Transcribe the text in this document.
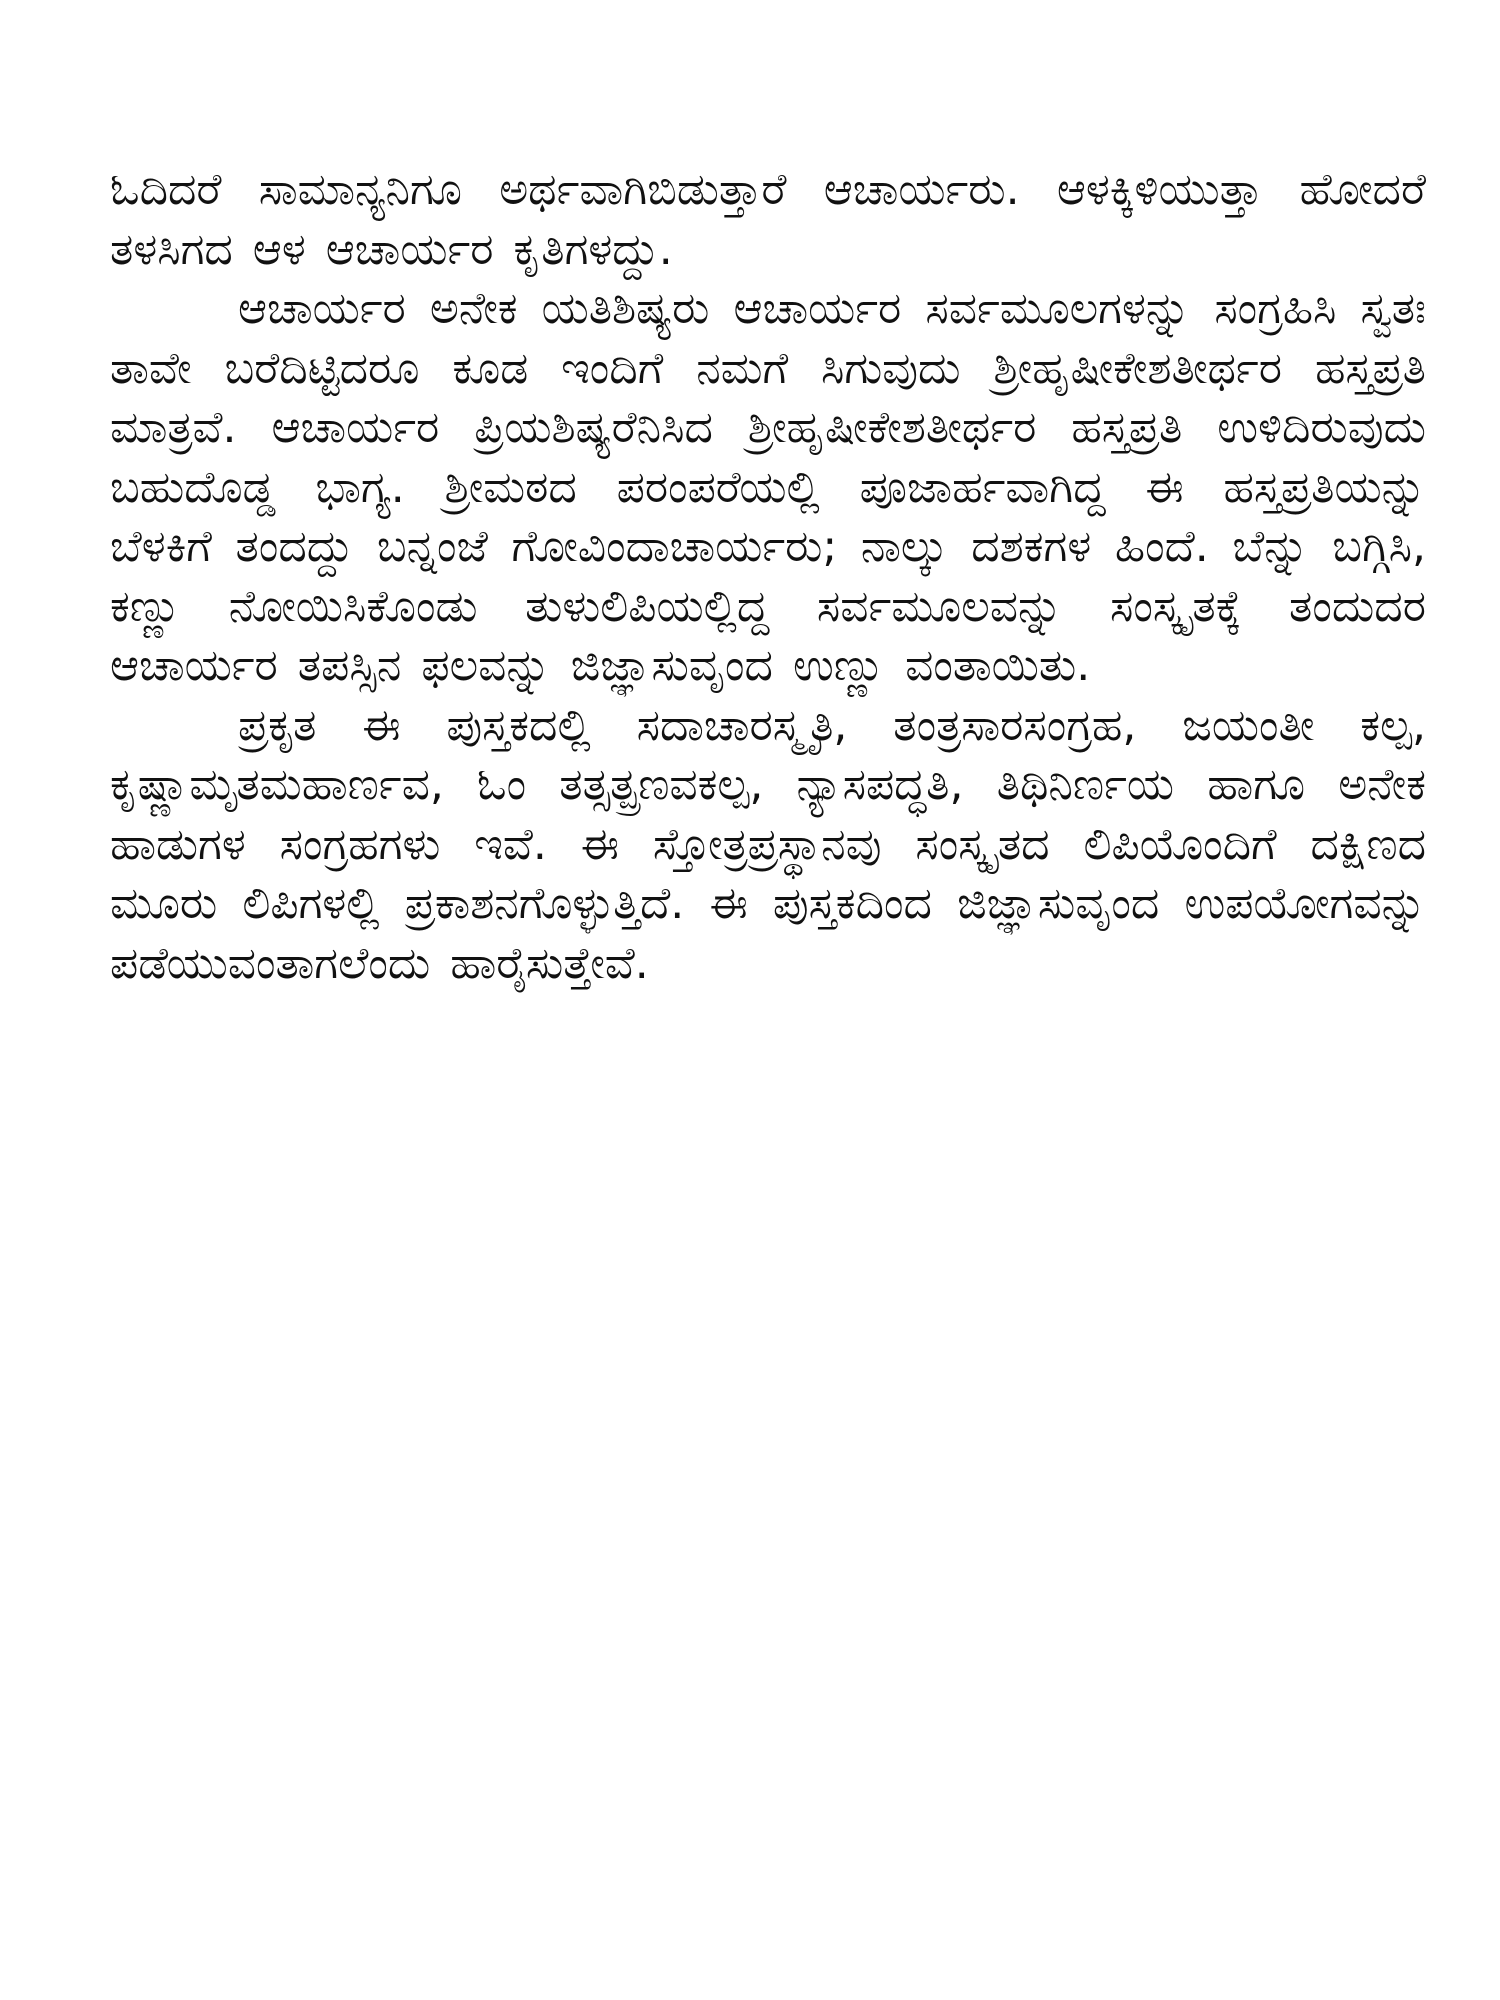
ಓದಿದರೆ ಸಾಮಾನ್ಯನಿಗೂ ಅರ್ಥವಾಗಿಬಿಡುತ್ತಾರೆ ಆಚಾರ್ಯರು. ಆಳಕ್ಕಿಳಿಯುತ್ತಾ ಹೋದರೆ ತಳಸಿಗದ ಆಳ ಆಚಾರ್ಯರ ಕೃತಿಗಳದ್ದು.

ಆಚಾರ್ಯರ ಅನೇಕ ಯತಿಶಿಷ್ಯರು ಆಚಾರ್ಯರ ಸರ್ವಮೂಲಗಳನ್ನು ಸಂಗ್ರಹಿಸಿ ಸ್ವತಃ ತಾವೇ ಬರೆದಿಟ್ಟಿದರೂ ಕೂಡ ಇಂದಿಗೆ ನಮಗೆ ಸಿಗುವುದು ಶ್ರೀಹೃಷೀಕೇಶತೀರ್ಥರ ಹಸ್ತಪ್ರತಿ ಮಾತ್ರವೆ. ಆಚಾರ್ಯರ ಪ್ರಿಯಶಿಷ್ಯರೆನಿಸಿದ ಶ್ರೀಹೃಷೀಕೇಶತೀರ್ಥರ ಹಸ್ತಪ್ರತಿ ಉಳಿದಿರುವುದು ಬಹುದೊಡ್ಡ ಭಾಗ್ಯ. ಶ್ರೀಮಠದ ಪರಂಪರೆಯಲ್ಲಿ ಪೂಜಾರ್ಹವಾಗಿದ್ದ ಈ ಹಸ್ತಪ್ರತಿಯನ್ನು ಬೆಳಕಿಗೆ ತಂದದ್ದು ಬನ್ನಂಜೆ ಗೋವಿಂದಾಚಾರ್ಯರು; ನಾಲ್ಕು ದಶಕಗಳ ಹಿಂದೆ. ಬೆನ್ನು ಬಗ್ಗಿಸಿ, ಕಣ್ಣು ನೋಯಿಸಿಕೊಂಡು ತುಳುಲಿಪಿಯಲ್ಲಿದ್ದ ಸರ್ವಮೂಲವನ್ನು ಸಂಸ್ಕೃತಕ್ಕೆ ತಂದುದರ ಆಚಾರ್ಯರ ತಪಸ್ಸಿನ ಫಲವನ್ನು ಜಿಜ್ಞಾಸುವೃಂದ ಉಣ್ಣು ವಂತಾಯಿತು.

ಪ್ರಕೃತ ಈ ಪುಸ್ತಕದಲ್ಲಿ ಸದಾಚಾರಸ್ಮೃತಿ, ತಂತ್ರಸಾರಸಂಗ್ರಹ, ಜಯಂತೀ ಕಲ್ಪ, ಕೃಷ್ಣಾಮೃತಮಹಾರ್ಣವ, ಓಂ ತತ್ಸತ್ಪ್ರಣವಕಲ್ಪ, ನ್ಯಾಸಪದ್ಧತಿ, ತಿಥಿನಿರ್ಣಯ ಹಾಗೂ ಅನೇಕ ಹಾಡುಗಳ ಸಂಗ್ರಹಗಳು ಇವೆ. ಈ ಸ್ತೋತ್ರಪ್ರಸ್ಥಾನವು ಸಂಸ್ಕೃತದ ಲಿಪಿಯೊಂದಿಗೆ ದಕ್ಷಿಣದ ಮೂರು ಲಿಪಿಗಳಲ್ಲಿ ಪ್ರಕಾಶನಗೊಳ್ಳುತ್ತಿದೆ. ಈ ಪುಸ್ತಕದಿಂದ ಜಿಜ್ಞಾಸುವೃಂದ ಉಪಯೋಗವನ್ನು ಪಡೆಯುವಂತಾಗಲೆಂದು ಹಾರೈಸುತ್ತೇವೆ.
